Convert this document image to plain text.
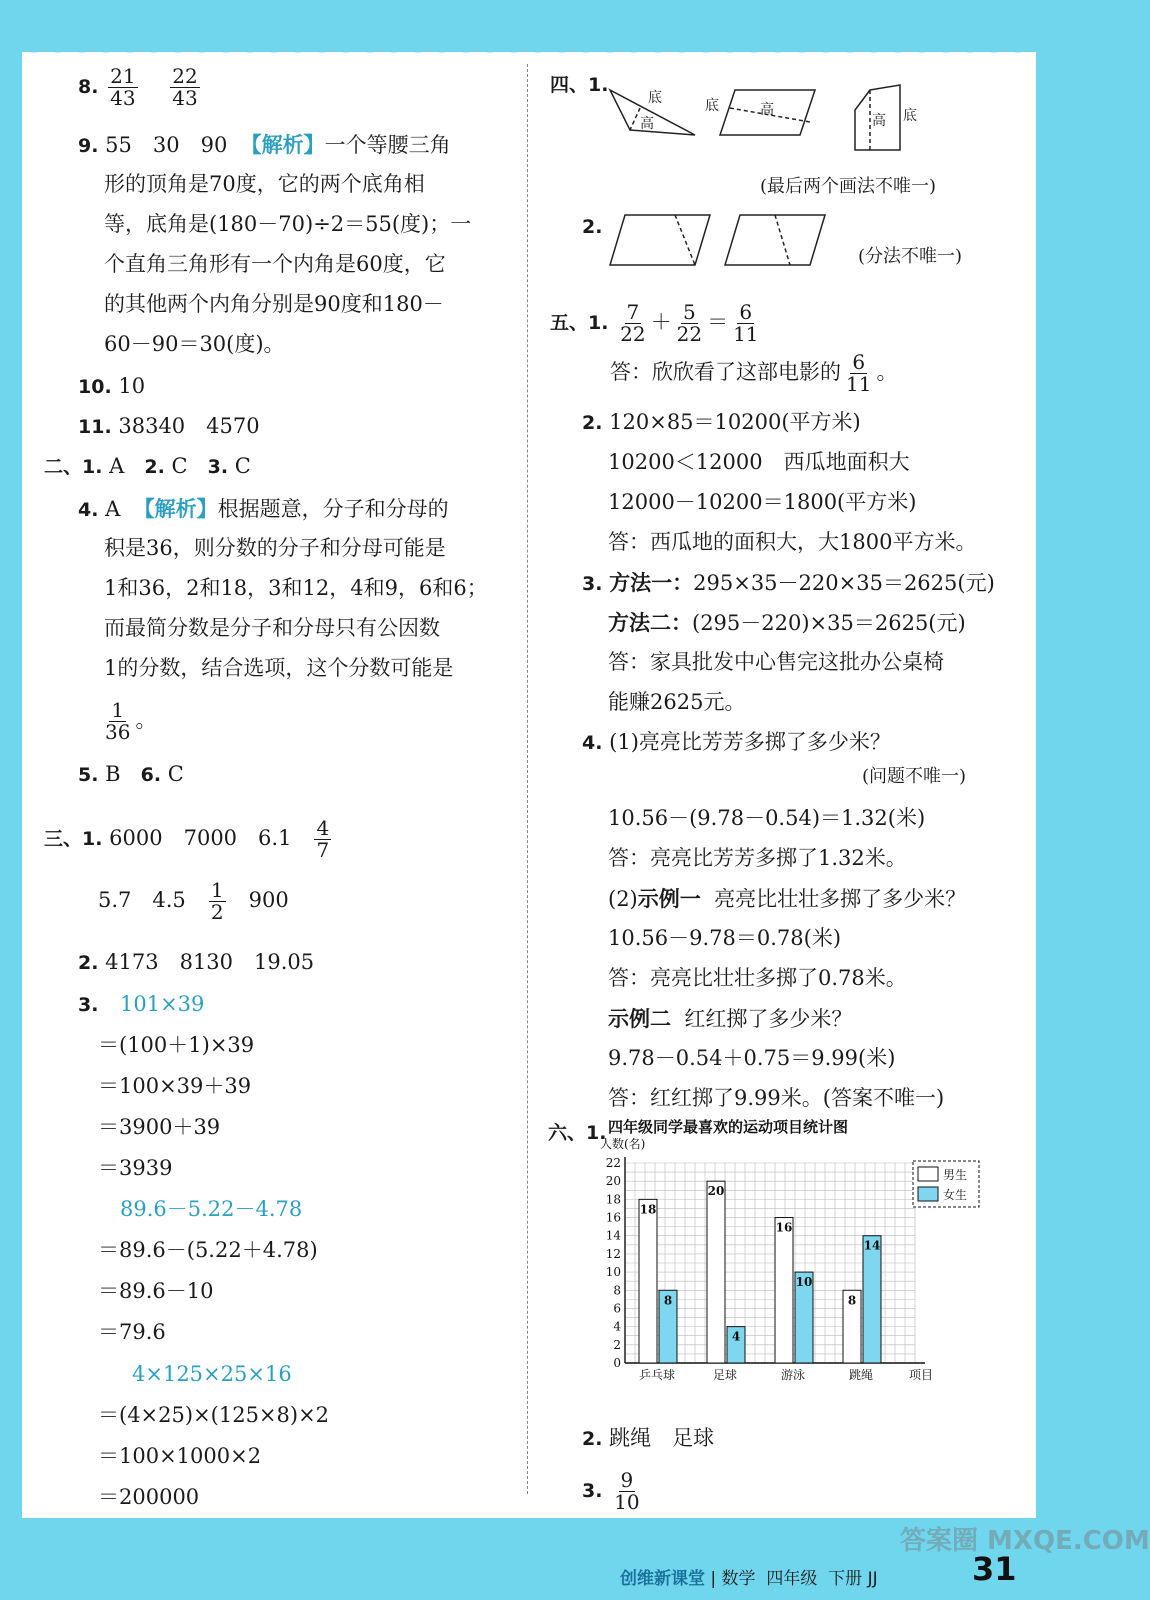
8. $\frac{21}{43}$
$\frac{22}{43}$
9. 55　30　90 【解析】一个等腰三角
形的顶角是70度，它的两个底角相
等，底角是(180－70)÷2＝55(度)；一
个直角三角形有一个内角是60度，它
的其他两个内角分别是90度和180－
60－90＝30(度)。
10. 10
11. 38340　4570
二、1. A 2. C 3. C
4. A 【解析】根据题意，分子和分母的
积是36，则分数的分子和分母可能是
1和36，2和18，3和12，4和9，6和6；
而最简分数是分子和分母只有公因数
1的分数，结合选项，这个分数可能是
$\frac{1}{36}$ 。
5. B 6. C
三、1. 6000　7000　$6.1 \frac{4}{7}$
5.7　$4.5 \frac{1}{2} 900$
2. 4173　8130　19.05
3. 101×39
＝(100＋1)×39
＝100×39＋39
＝3900＋39
＝3939
89.6－5.22－4.78
＝89.6－(5.22＋4.78)
＝89.6－10
＝79.6
4×125×25×16
＝(4×25)×(125×8)×2
＝100×1000×2
＝200000
四、1.
底
高
底	高
高 底
(最后两个画法不唯一)
2.
(分法不唯一)
五、1. $\frac{7}{22} + \frac{5}{22} = \frac{6}{11}$
答：欣欣看了这部电影的 $\frac{6}{11}$ 。
2. 120×85＝10200(平方米)
10200＜12000　西瓜地面积大
12000－10200＝1800(平方米)
答：西瓜地的面积大，大1800平方米。
3. 方法一：295×35－220×35＝2625(元)
方法二：(295－220)×35＝2625(元)
答：家具批发中心售完这批办公桌椅
能赚2625元。
4. (1)亮亮比芳芳多掷了多少米？
(问题不唯一)
10.56－(9.78－0.54)＝1.32(米)
答：亮亮比芳芳多掷了1.32米。
(2)示例一 亮亮比壮壮多掷了多少米？
10.56－9.78＝0.78(米)
答：亮亮比壮壮多掷了0.78米。
示例二 红红掷了多少米？
9.78－0.54＋0.75＝9.99(米)
答：红红掷了9.99米。(答案不唯一)
六、1. 四年级同学最喜欢的运动项目统计图
人数(名)
0
2
4
6
8
10
12
14
16
18
20
22
18
8
乒乓球
20
4
足球
16
10
游泳
8
14
跳绳	项目
男生
女生
2. 跳绳　足球
3. $\frac{9}{10}$
创维新课堂 | 数学 四年级 下册 JJ	31
答案圈 MXQE.COM
